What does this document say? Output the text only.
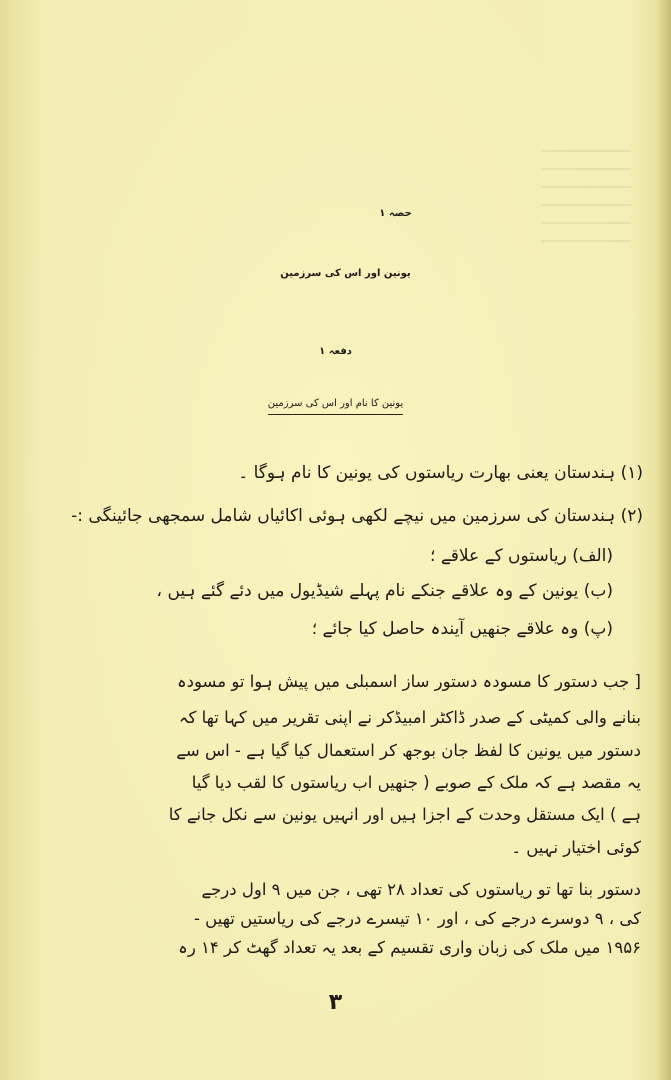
حصہ ۱
یونین اور اس کی سرزمین
دفعہ ۱
یونین کا نام اور اس کی سرزمین
(۱) ہندستان یعنی بھارت ریاستوں کی یونین کا نام ہوگا ۔
(۲) ہندستان کی سرزمین میں نیچے لکھی ہوئی اکائیاں شامل سمجھی جائینگی :-
(الف) ریاستوں کے علاقے ؛
(ب) یونین کے وہ علاقے جنکے نام پہلے شیڈیول میں دئے گئے ہیں ،
(پ) وہ علاقے جنھیں آیندہ حاصل کیا جائے ؛
[ جب دستور کا مسودہ دستور ساز اسمبلی میں پیش ہوا تو مسودہ
بنانے والی کمیٹی کے صدر ڈاکٹر امبیڈکر نے اپنی تقریر میں کہا تھا کہ
دستور میں یونین کا لفظ جان بوجھ کر استعمال کیا گیا ہے - اس سے
یہ مقصد ہے کہ ملک کے صوبے ( جنھیں اب ریاستوں کا لقب دیا گیا
ہے ) ایک مستقل وحدت کے اجزا ہیں اور انہیں یونین سے نکل جانے کا
کوئی اختیار نہیں ۔
دستور بنا تھا تو ریاستوں کی تعداد ۲۸ تھی ، جن میں ۹ اول درجے
کی ، ۹ دوسرے درجے کی ، اور ۱۰ تیسرے درجے کی ریاستیں تھیں -
۱۹۵۶ میں ملک کی زبان واری تقسیم کے بعد یہ تعداد گھٹ کر ۱۴ رہ
۳
